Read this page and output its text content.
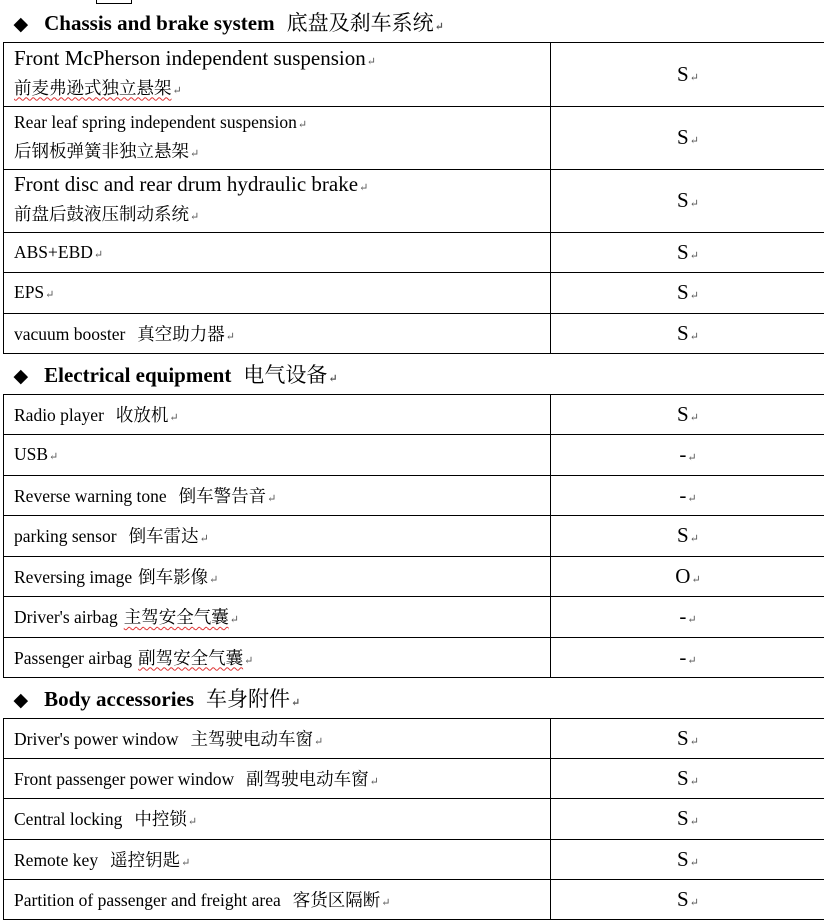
◆ Chassis and brake system 底盘及刹车系统↵	

Front McPherson independent suspension↵
前麦弗逊式独立悬架↵	S↵

Rear leaf spring independent suspension↵
后钢板弹簧非独立悬架↵	S↵

Front disc and rear drum hydraulic brake↵
前盘后鼓液压制动系统↵	S↵
ABS+EBD↵	S↵
EPS↵	S↵
vacuum booster 真空助力器↵	S↵
◆ Electrical equipment 电气设备↵	
Radio player 收放机↵	S↵
USB↵	-↵
Reverse warning tone 倒车警告音↵	-↵
parking sensor 倒车雷达↵	S↵
Reversing image 倒车影像↵	O↵
Driver's airbag 主驾安全气囊↵	-↵
Passenger airbag 副驾安全气囊↵	-↵
◆ Body accessories 车身附件↵	
Driver's power window 主驾驶电动车窗↵	S↵
Front passenger power window 副驾驶电动车窗↵	S↵
Central locking 中控锁↵	S↵
Remote key 遥控钥匙↵	S↵
Partition of passenger and freight area 客货区隔断↵	S↵
